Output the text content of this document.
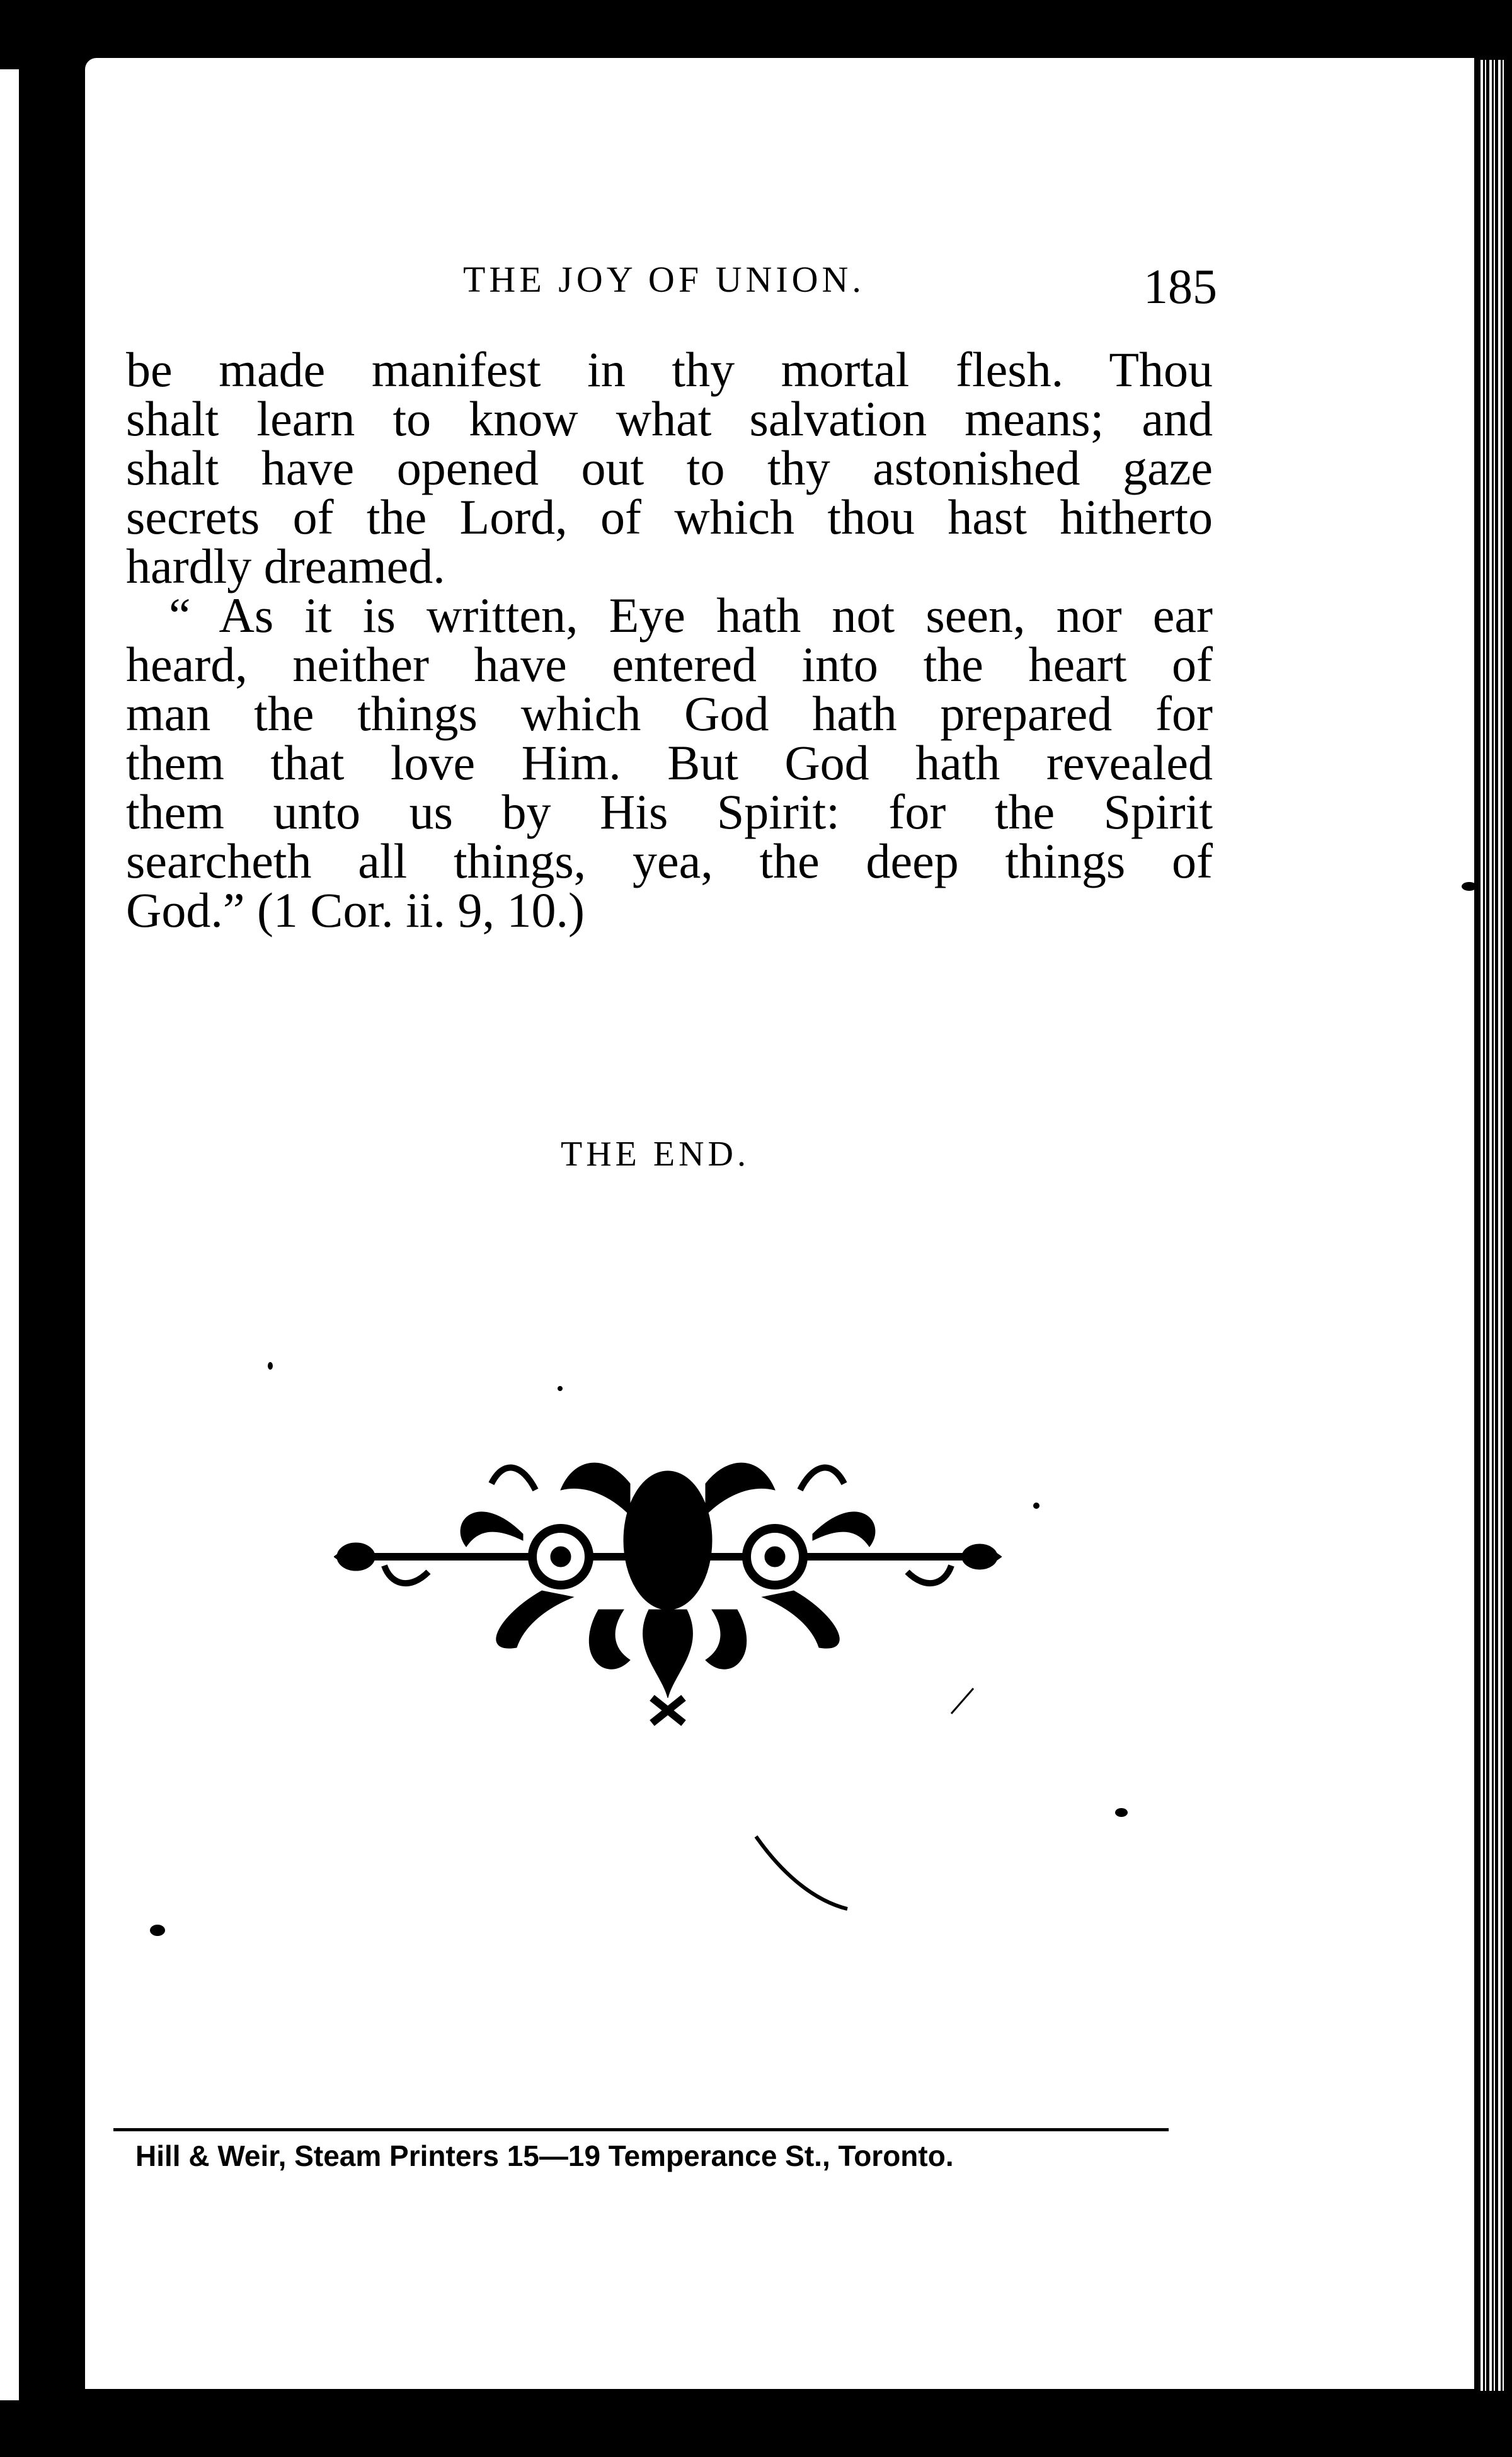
THE JOY OF UNION.	185
be made manifest in thy mortal flesh. Thou
shalt learn to know what salvation means; and
shalt have opened out to thy astonished gaze
secrets of the Lord, of which thou hast hitherto
hardly dreamed.
“ As it is written, Eye hath not seen, nor ear
heard, neither have entered into the heart of
man the things which God hath prepared for
them that love Him. But God hath revealed
them unto us by His Spirit: for the Spirit
searcheth all things, yea, the deep things of
God.” (1 Cor. ii. 9, 10.)
THE END.
Hill & Weir, Steam Printers 15—19 Temperance St., Toronto.
